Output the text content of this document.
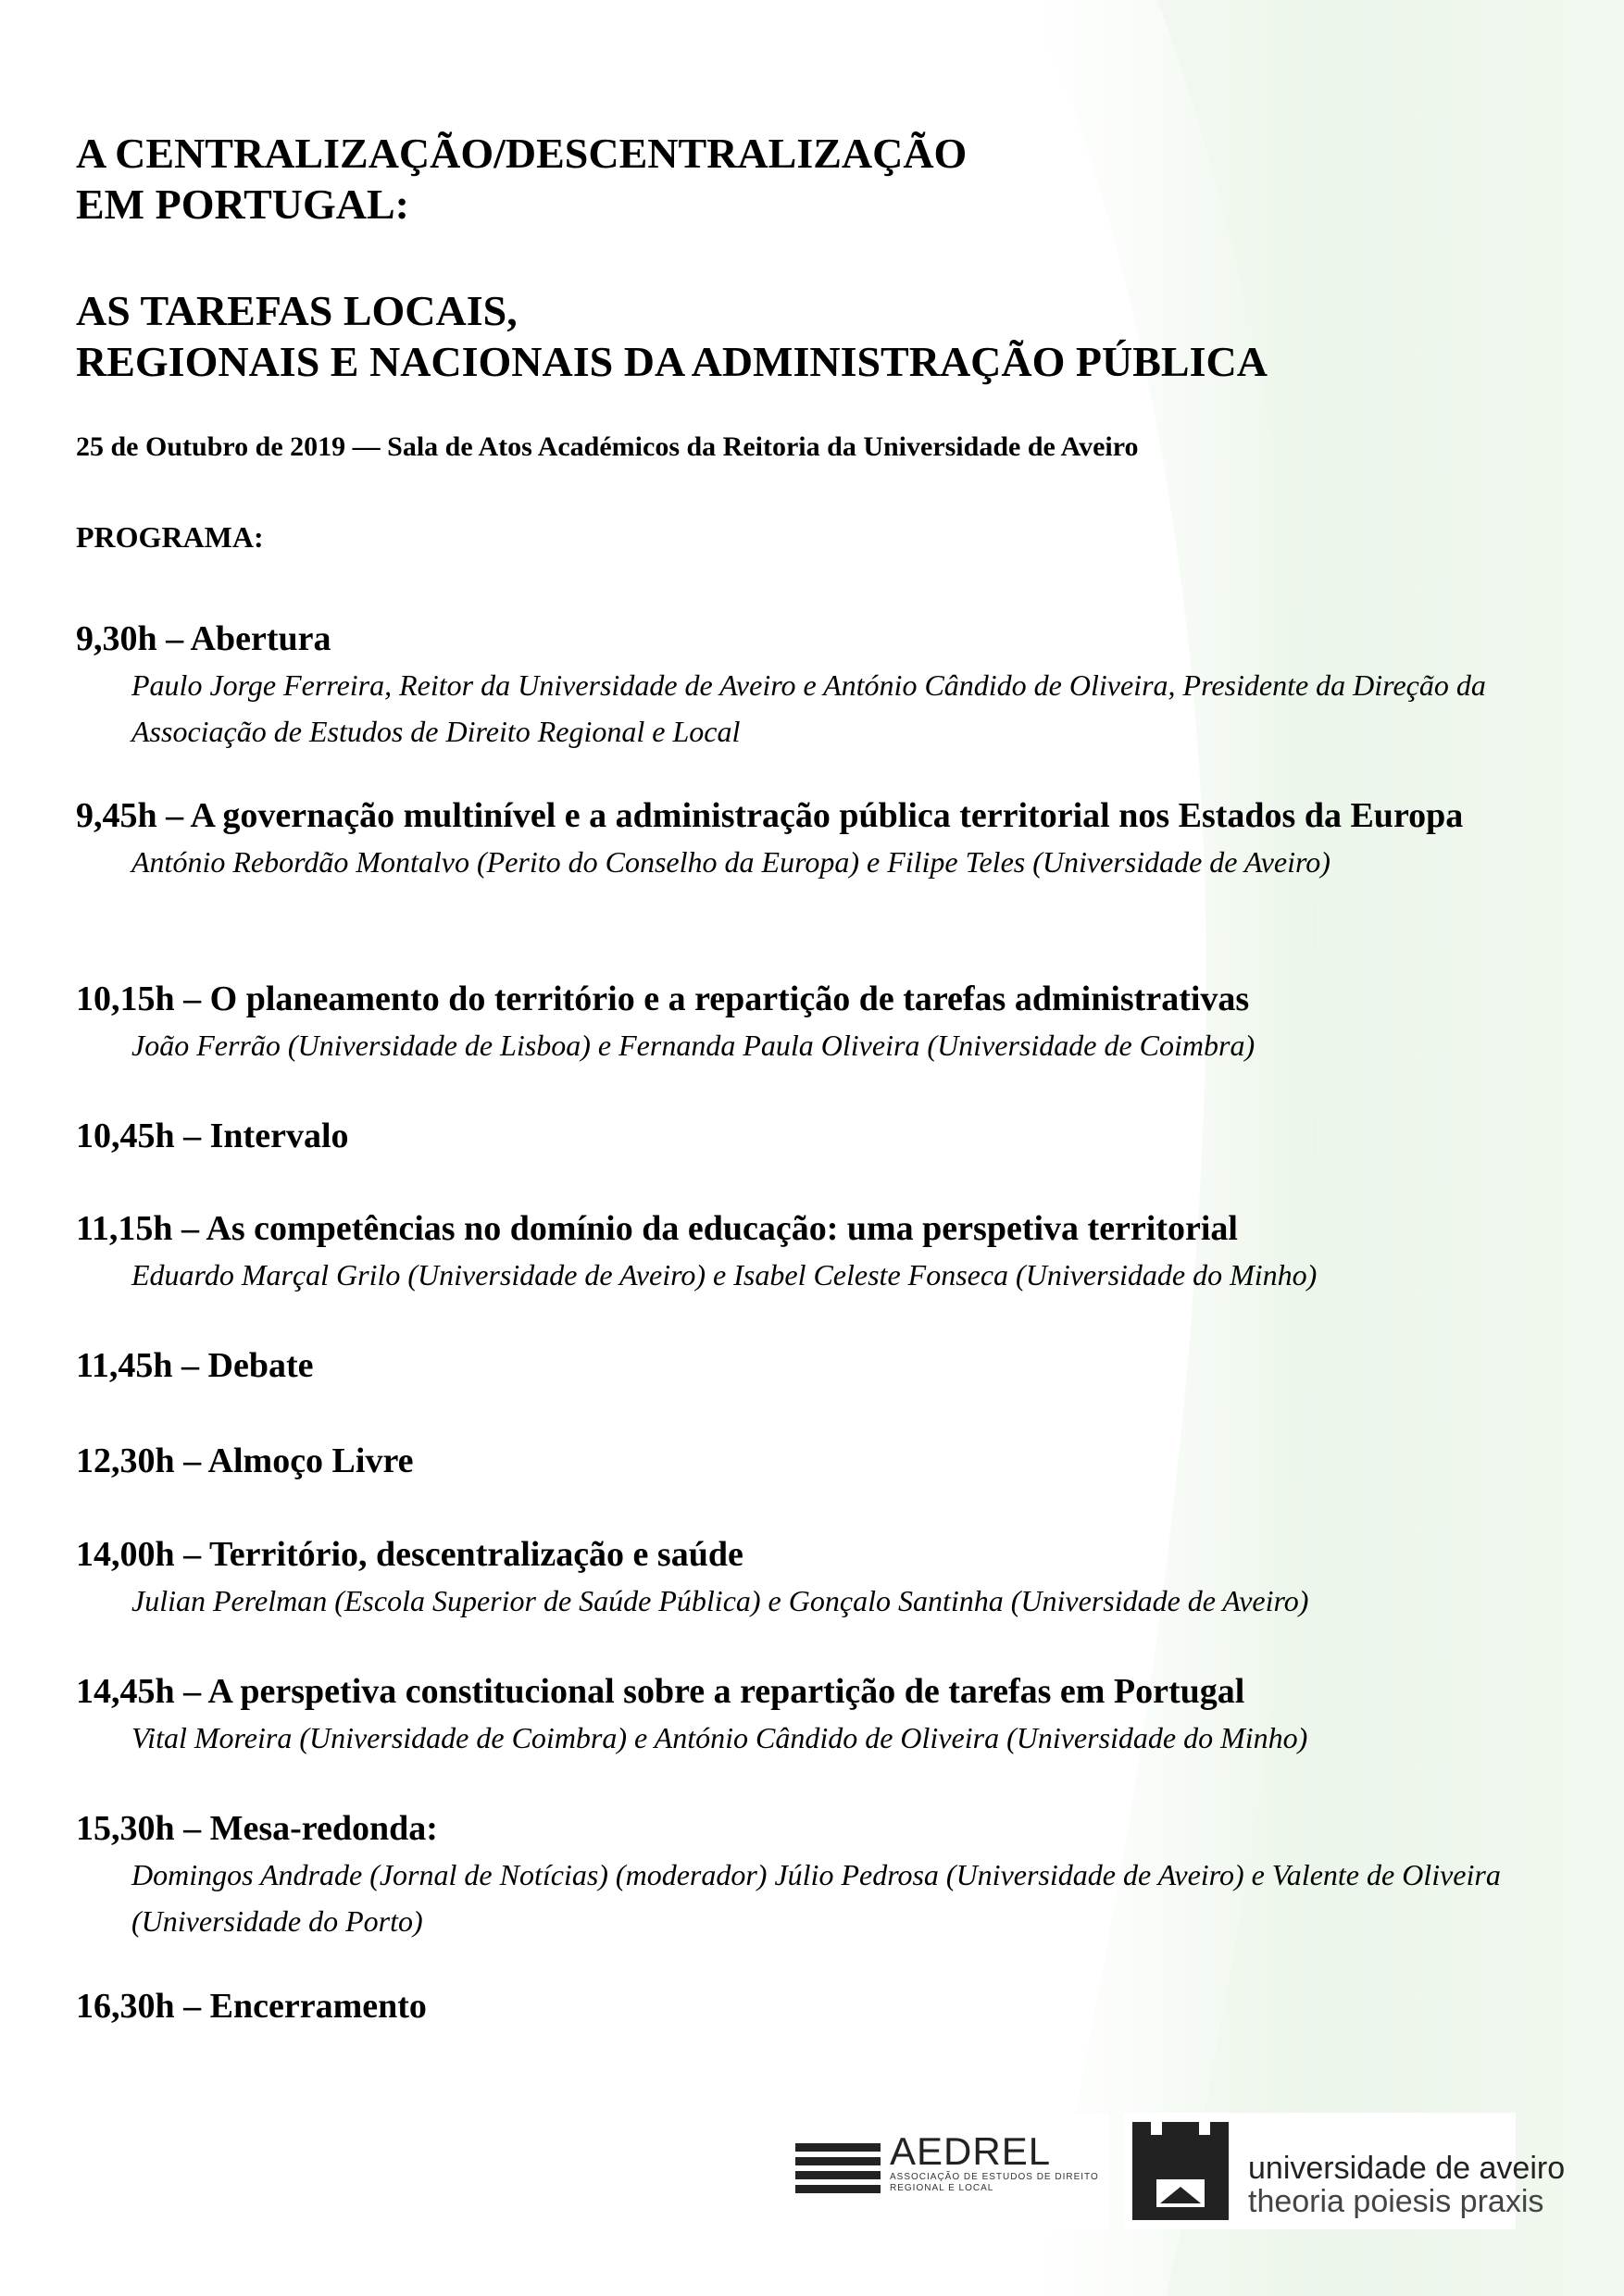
A CENTRALIZAÇÃO/DESCENTRALIZAÇÃO
EM PORTUGAL:
AS TAREFAS LOCAIS,
REGIONAIS E NACIONAIS DA ADMINISTRAÇÃO PÚBLICA
25 de Outubro de 2019 — Sala de Atos Académicos da Reitoria da Universidade de Aveiro
PROGRAMA:
9,30h – Abertura
Paulo Jorge Ferreira, Reitor da Universidade de Aveiro e António Cândido de Oliveira, Presidente da Direção da Associação de Estudos de Direito Regional e Local
9,45h – A governação multinível e a administração pública territorial nos Estados da Europa
António Rebordão Montalvo (Perito do Conselho da Europa) e Filipe Teles (Universidade de Aveiro)
10,15h – O planeamento do território e a repartição de tarefas administrativas
João Ferrão (Universidade de Lisboa) e Fernanda Paula Oliveira (Universidade de Coimbra)
10,45h – Intervalo
11,15h – As competências no domínio da educação: uma perspetiva territorial
Eduardo Marçal Grilo (Universidade de Aveiro) e Isabel Celeste Fonseca (Universidade do Minho)
11,45h – Debate
12,30h – Almoço Livre
14,00h – Território, descentralização e saúde
Julian Perelman (Escola Superior de Saúde Pública) e Gonçalo Santinha (Universidade de Aveiro)
14,45h – A perspetiva constitucional sobre a repartição de tarefas em Portugal
Vital Moreira (Universidade de Coimbra) e António Cândido de Oliveira (Universidade do Minho)
15,30h – Mesa-redonda:
Domingos Andrade (Jornal de Notícias) (moderador) Júlio Pedrosa (Universidade de Aveiro) e Valente de Oliveira (Universidade do Porto)
16,30h – Encerramento
AEDREL
ASSOCIAÇÃO DE ESTUDOS DE DIREITO REGIONAL E LOCAL
universidade de aveiro
theoria poiesis praxis
